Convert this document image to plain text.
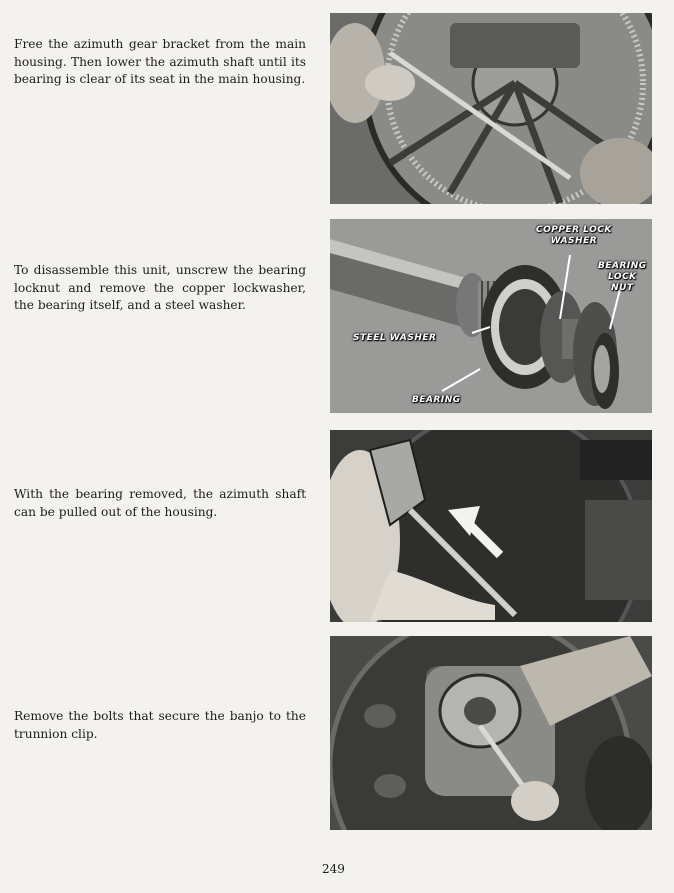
Free the azimuth gear bracket from the main housing. Then lower the azimuth shaft until its bearing is clear of its seat in the main housing.

To disassemble this unit, unscrew the bearing locknut and remove the copper lockwasher, the bearing itself, and a steel washer.

With the bearing removed, the azimuth shaft can be pulled out of the housing.

Remove the bolts that secure the banjo to the trunnion clip.

COPPER LOCK
WASHER
BEARING
LOCK
NUT
STEEL WASHER
BEARING
249
